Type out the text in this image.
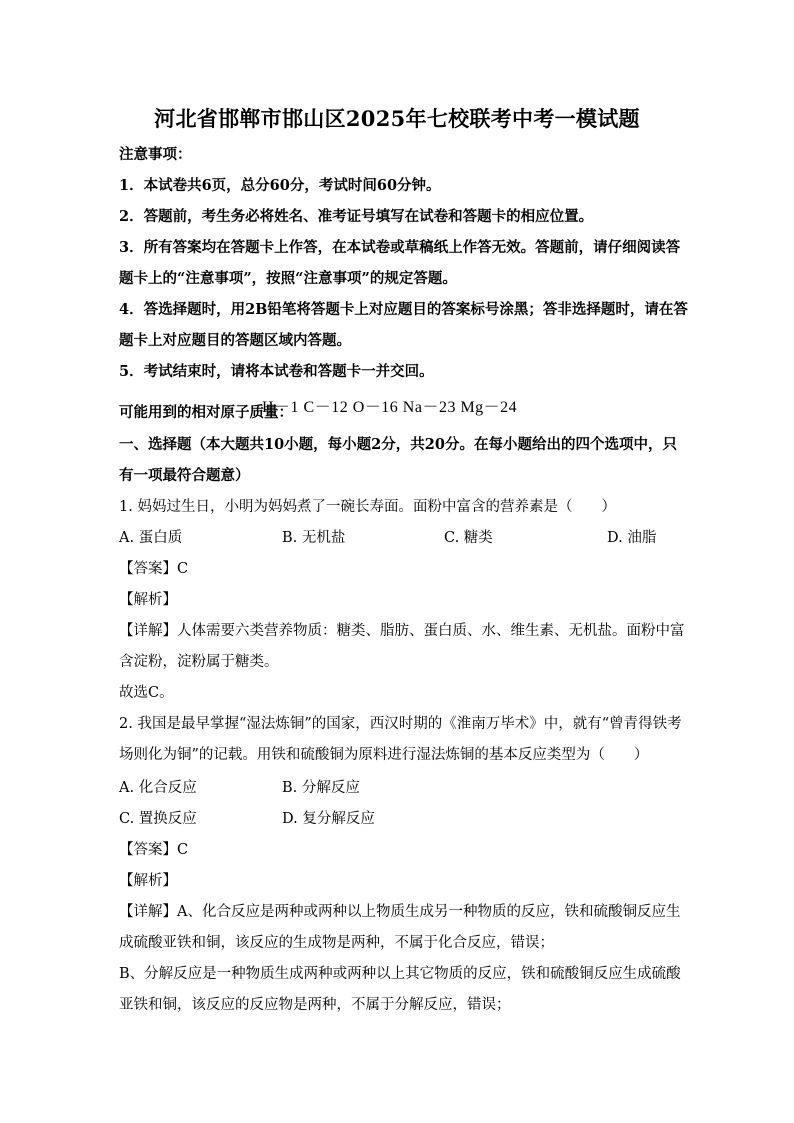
河北省邯郸市邯山区2025年七校联考中考一模试题
注意事项：
1．本试卷共6页，总分60分，考试时间60分钟。
2．答题前，考生务必将姓名、准考证号填写在试卷和答题卡的相应位置。
3．所有答案均在答题卡上作答，在本试卷或草稿纸上作答无效。答题前，请仔细阅读答
题卡上的“注意事项”，按照“注意事项”的规定答题。
4．答选择题时，用2B铅笔将答题卡上对应题目的答案标号涂黑；答非选择题时，请在答
题卡上对应题目的答题区域内答题。
5．考试结束时，请将本试卷和答题卡一并交回。
可能用到的相对原子质量：
H－1 C－12 O－16 Na－23 Mg－24
一、选择题（本大题共10小题，每小题2分，共20分。在每小题给出的四个选项中，只
有一项最符合题意）
1. 妈妈过生日，小明为妈妈煮了一碗长寿面。面粉中富含的营养素是（　　）
A. 蛋白质	B. 无机盐	C. 糖类	D. 油脂
【答案】C
【解析】
【详解】人体需要六类营养物质：糖类、脂肪、蛋白质、水、维生素、无机盐。面粉中富
含淀粉，淀粉属于糖类。
故选C。
2. 我国是最早掌握“湿法炼铜”的国家，西汉时期的《淮南万毕术》中，就有“曾青得铁考
场则化为铜”的记载。用铁和硫酸铜为原料进行湿法炼铜的基本反应类型为（　　）
A. 化合反应	B. 分解反应
C. 置换反应	D. 复分解反应
【答案】C
【解析】
【详解】A、化合反应是两种或两种以上物质生成另一种物质的反应，铁和硫酸铜反应生
成硫酸亚铁和铜，该反应的生成物是两种，不属于化合反应，错误；
B、分解反应是一种物质生成两种或两种以上其它物质的反应，铁和硫酸铜反应生成硫酸
亚铁和铜，该反应的反应物是两种，不属于分解反应，错误；
